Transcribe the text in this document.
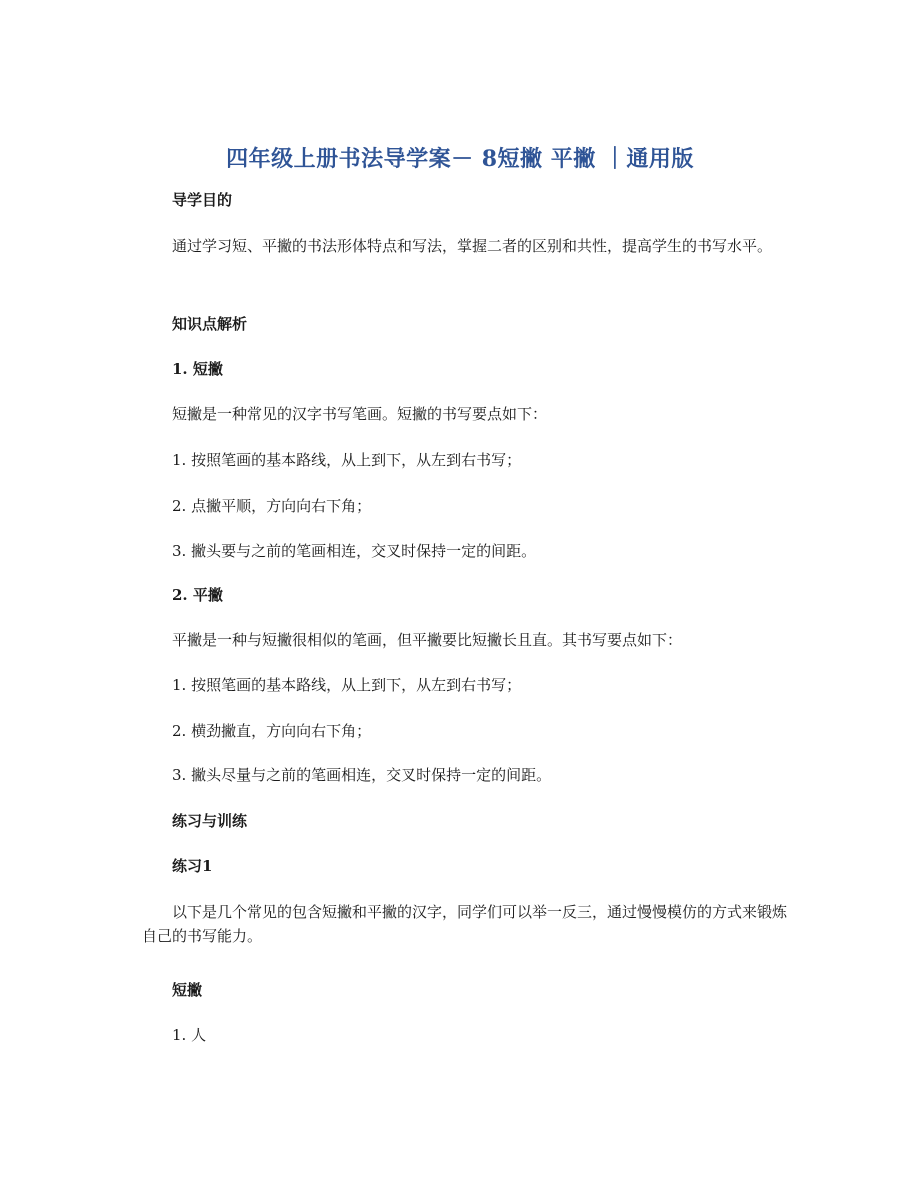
四年级上册书法导学案－ 8短撇 平撇 ｜通用版
导学目的
通过学习短、平撇的书法形体特点和写法，掌握二者的区别和共性，提高学生的书写水平。
知识点解析
1. 短撇
短撇是一种常见的汉字书写笔画。短撇的书写要点如下：
1. 按照笔画的基本路线，从上到下，从左到右书写；
2. 点撇平顺，方向向右下角；
3. 撇头要与之前的笔画相连，交叉时保持一定的间距。
2. 平撇
平撇是一种与短撇很相似的笔画，但平撇要比短撇长且直。其书写要点如下：
1. 按照笔画的基本路线，从上到下，从左到右书写；
2. 横劲撇直，方向向右下角；
3. 撇头尽量与之前的笔画相连，交叉时保持一定的间距。
练习与训练
练习1
以下是几个常见的包含短撇和平撇的汉字，同学们可以举一反三，通过慢慢模仿的方式来锻炼自己的书写能力。
短撇
1. 人
